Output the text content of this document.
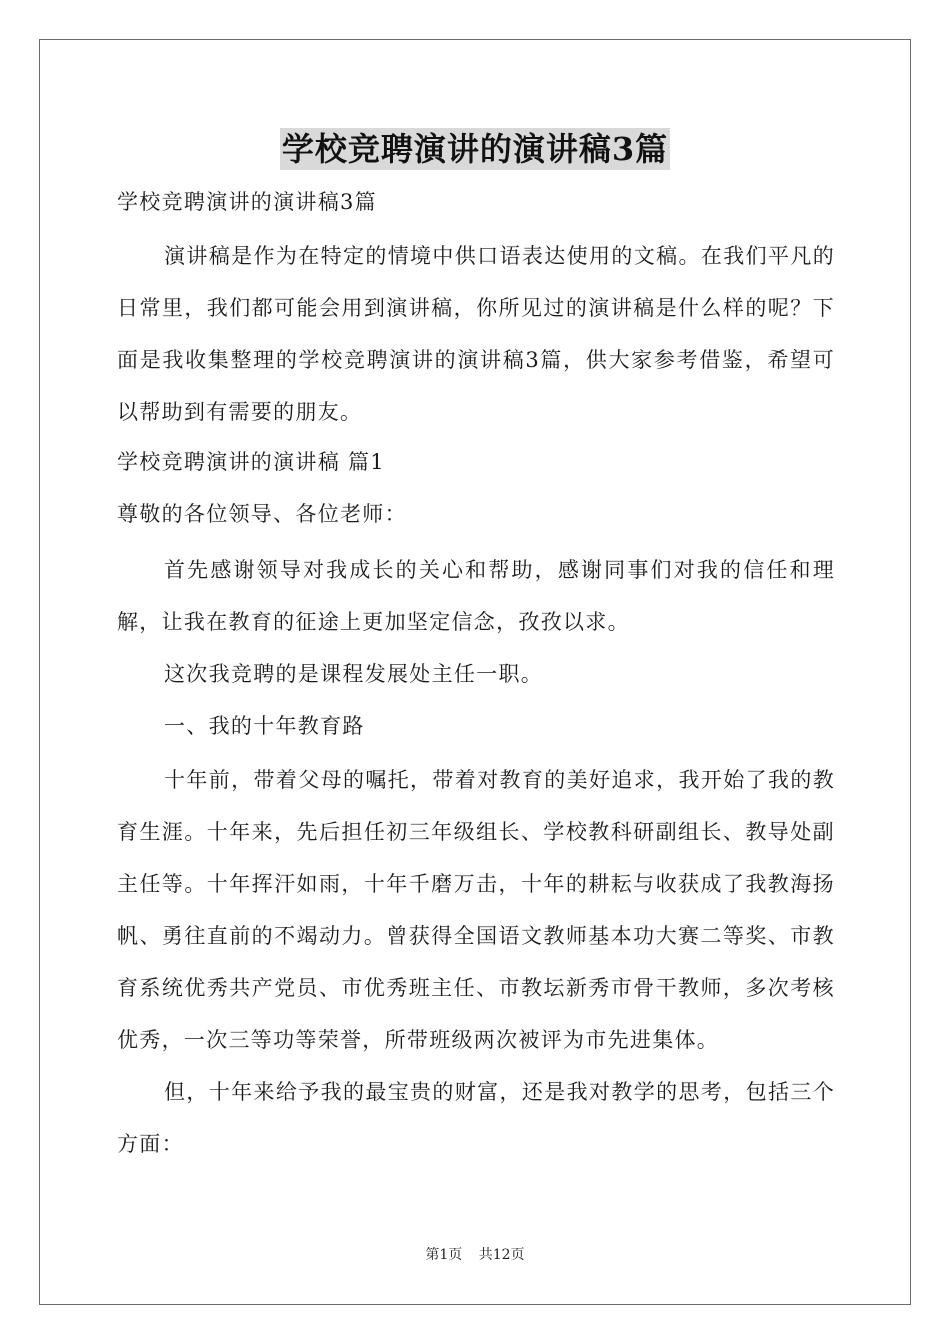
学校竞聘演讲的演讲稿3篇

学校竞聘演讲的演讲稿3篇

演讲稿是作为在特定的情境中供口语表达使用的文稿。在我们平凡的日常里，我们都可能会用到演讲稿，你所见过的演讲稿是什么样的呢？下面是我收集整理的学校竞聘演讲的演讲稿3篇，供大家参考借鉴，希望可以帮助到有需要的朋友。

学校竞聘演讲的演讲稿 篇1

尊敬的各位领导、各位老师：

首先感谢领导对我成长的关心和帮助，感谢同事们对我的信任和理解，让我在教育的征途上更加坚定信念，孜孜以求。

这次我竞聘的是课程发展处主任一职。

一、我的十年教育路

十年前，带着父母的嘱托，带着对教育的美好追求，我开始了我的教育生涯。十年来，先后担任初三年级组长、学校教科研副组长、教导处副主任等。十年挥汗如雨，十年千磨万击，十年的耕耘与收获成了我教海扬帆、勇往直前的不竭动力。曾获得全国语文教师基本功大赛二等奖、市教育系统优秀共产党员、市优秀班主任、市教坛新秀市骨干教师，多次考核优秀，一次三等功等荣誉，所带班级两次被评为市先进集体。

但，十年来给予我的最宝贵的财富，还是我对教学的思考，包括三个方面：

第1页 共12页
